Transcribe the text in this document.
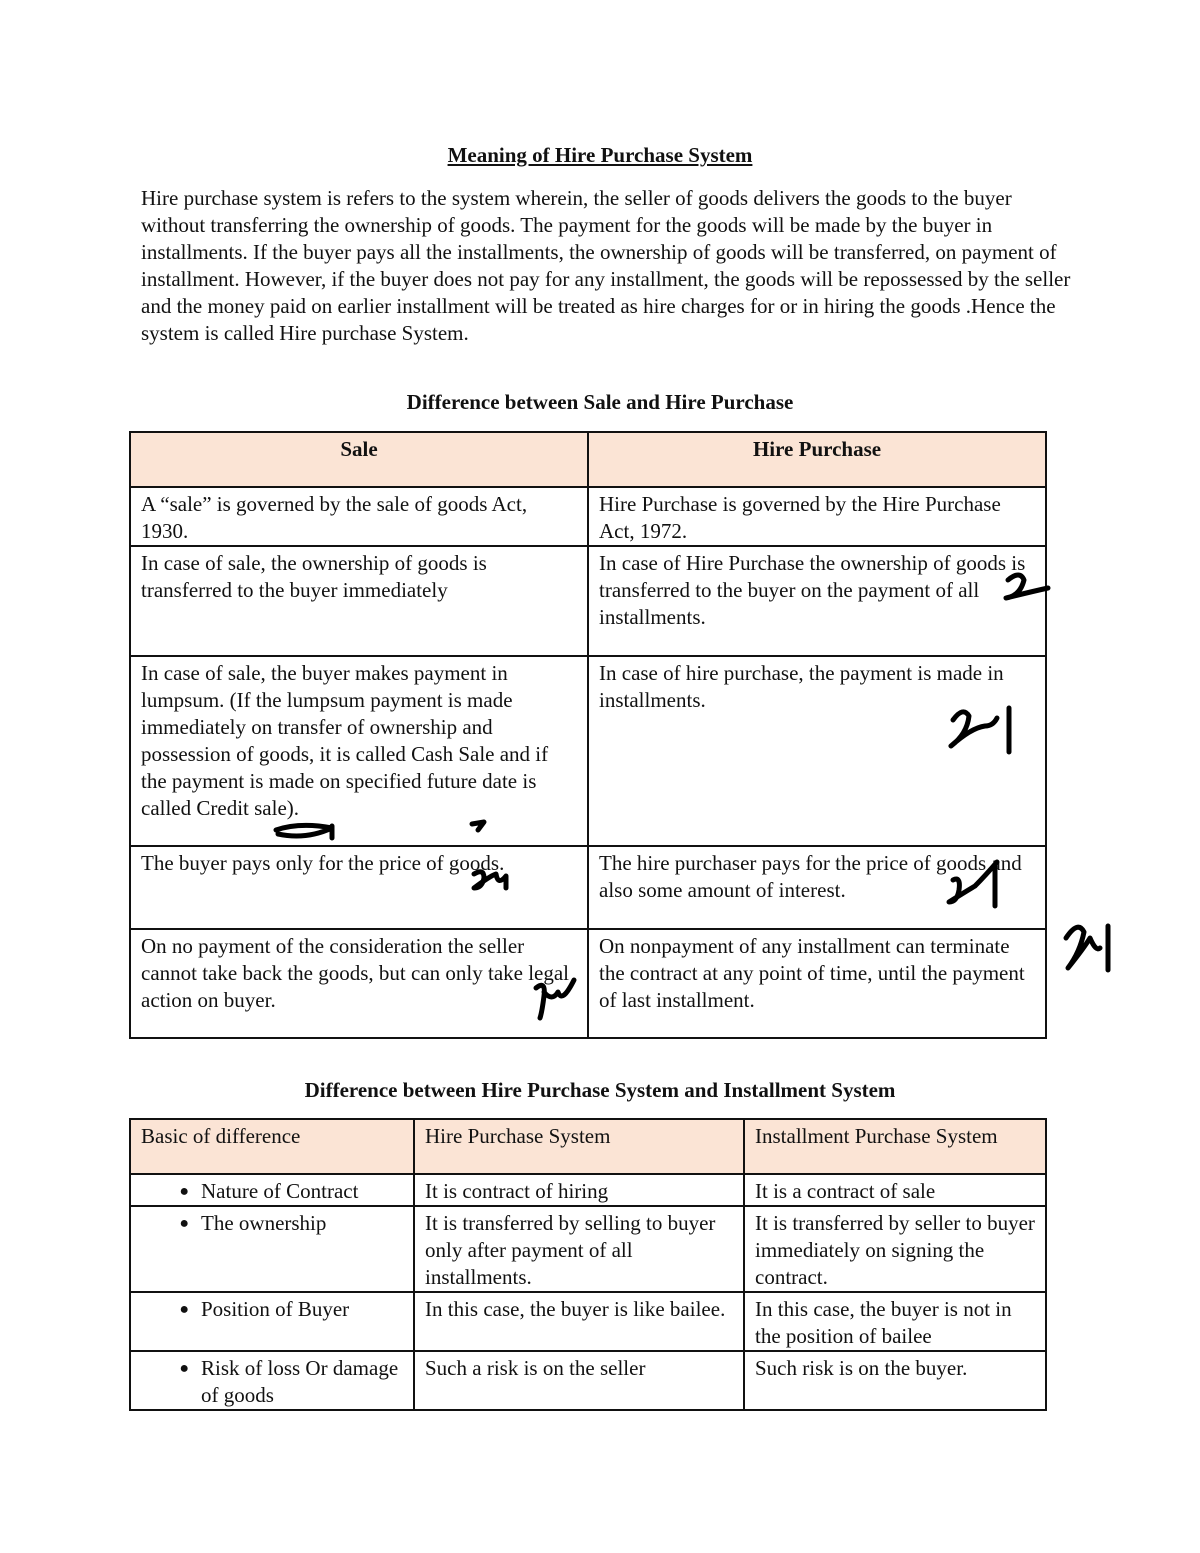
Meaning of Hire Purchase System

Hire purchase system is refers to the system wherein, the seller of goods delivers the goods to the buyer without transferring the ownership of goods. The payment for the goods will be made by the buyer in installments. If the buyer pays all the installments, the ownership of goods will be transferred, on payment of installment. However, if the buyer does not pay for any installment, the goods will be repossessed by the seller and the money paid on earlier installment will be treated as hire charges for or in hiring the goods .Hence the system is called Hire purchase System.

Difference between Sale and Hire Purchase
Sale	Hire Purchase
A “sale” is governed by the sale of goods Act, 1930.	Hire Purchase is governed by the Hire Purchase Act, 1972.
In case of sale, the ownership of goods is transferred to the buyer immediately	In case of Hire Purchase the ownership of goods is transferred to the buyer on the payment of all installments.
In case of sale, the buyer makes payment in lumpsum. (If the lumpsum payment is made immediately on transfer of ownership and possession of goods, it is called Cash Sale and if the payment is made on specified future date is called Credit sale).	In case of hire purchase, the payment is made in installments.
The buyer pays only for the price of goods.	The hire purchaser pays for the price of goods and also some amount of interest.
On no payment of the consideration the seller cannot take back the goods, but can only take legal action on buyer.	On nonpayment of any installment can terminate the contract at any point of time, until the payment of last installment.
Difference between Hire Purchase System and Installment System
Basic of difference	Hire Purchase System	Installment Purchase System

● Nature of Contract	It is contract of hiring	It is a contract of sale

● The ownership	It is transferred by selling to buyer only after payment of all installments.	It is transferred by seller to buyer immediately on signing the contract.

● Position of Buyer	In this case, the buyer is like bailee.	In this case, the buyer is not in the position of bailee

● Risk of loss Or damage of goods	Such a risk is on the seller	Such risk is on the buyer.
